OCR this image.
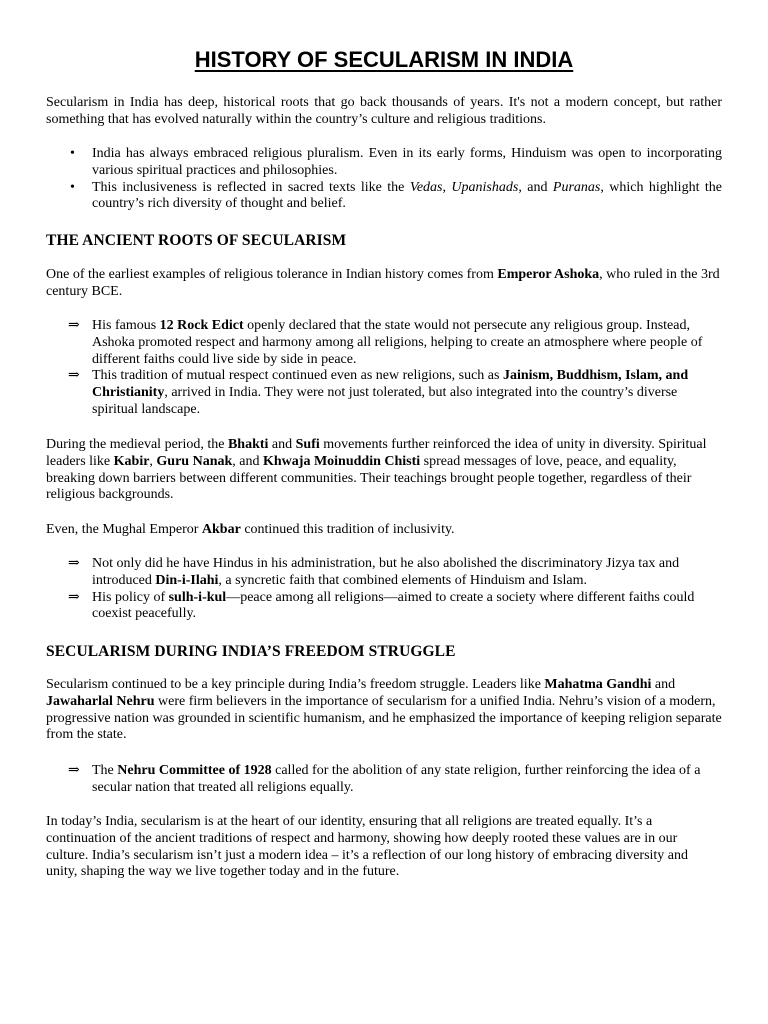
HISTORY OF SECULARISM IN INDIA

Secularism in India has deep, historical roots that go back thousands of years. It's not a modern concept, but rather something that has evolved naturally within the country’s culture and religious traditions.

• India has always embraced religious pluralism. Even in its early forms, Hinduism was open to incorporating various spiritual practices and philosophies.
• This inclusiveness is reflected in sacred texts like the Vedas, Upanishads, and Puranas, which highlight the country’s rich diversity of thought and belief.
THE ANCIENT ROOTS OF SECULARISM

One of the earliest examples of religious tolerance in Indian history comes from Emperor Ashoka, who ruled in the 3rd century BCE.

⇒ His famous 12 Rock Edict openly declared that the state would not persecute any religious group. Instead, Ashoka promoted respect and harmony among all religions, helping to create an atmosphere where people of different faiths could live side by side in peace.
⇒ This tradition of mutual respect continued even as new religions, such as Jainism, Buddhism, Islam, and Christianity, arrived in India. They were not just tolerated, but also integrated into the country’s diverse spiritual landscape.

During the medieval period, the Bhakti and Sufi movements further reinforced the idea of unity in diversity. Spiritual leaders like Kabir, Guru Nanak, and Khwaja Moinuddin Chisti spread messages of love, peace, and equality, breaking down barriers between different communities. Their teachings brought people together, regardless of their religious backgrounds.

Even, the Mughal Emperor Akbar continued this tradition of inclusivity.

⇒ Not only did he have Hindus in his administration, but he also abolished the discriminatory Jizya tax and introduced Din-i-Ilahi, a syncretic faith that combined elements of Hinduism and Islam.
⇒ His policy of sulh-i-kul—peace among all religions—aimed to create a society where different faiths could coexist peacefully.
SECULARISM DURING INDIA’S FREEDOM STRUGGLE

Secularism continued to be a key principle during India’s freedom struggle. Leaders like Mahatma Gandhi and Jawaharlal Nehru were firm believers in the importance of secularism for a unified India. Nehru’s vision of a modern, progressive nation was grounded in scientific humanism, and he emphasized the importance of keeping religion separate from the state.

⇒ The Nehru Committee of 1928 called for the abolition of any state religion, further reinforcing the idea of a secular nation that treated all religions equally.

In today’s India, secularism is at the heart of our identity, ensuring that all religions are treated equally. It’s a continuation of the ancient traditions of respect and harmony, showing how deeply rooted these values are in our culture. India’s secularism isn’t just a modern idea – it’s a reflection of our long history of embracing diversity and unity, shaping the way we live together today and in the future.
